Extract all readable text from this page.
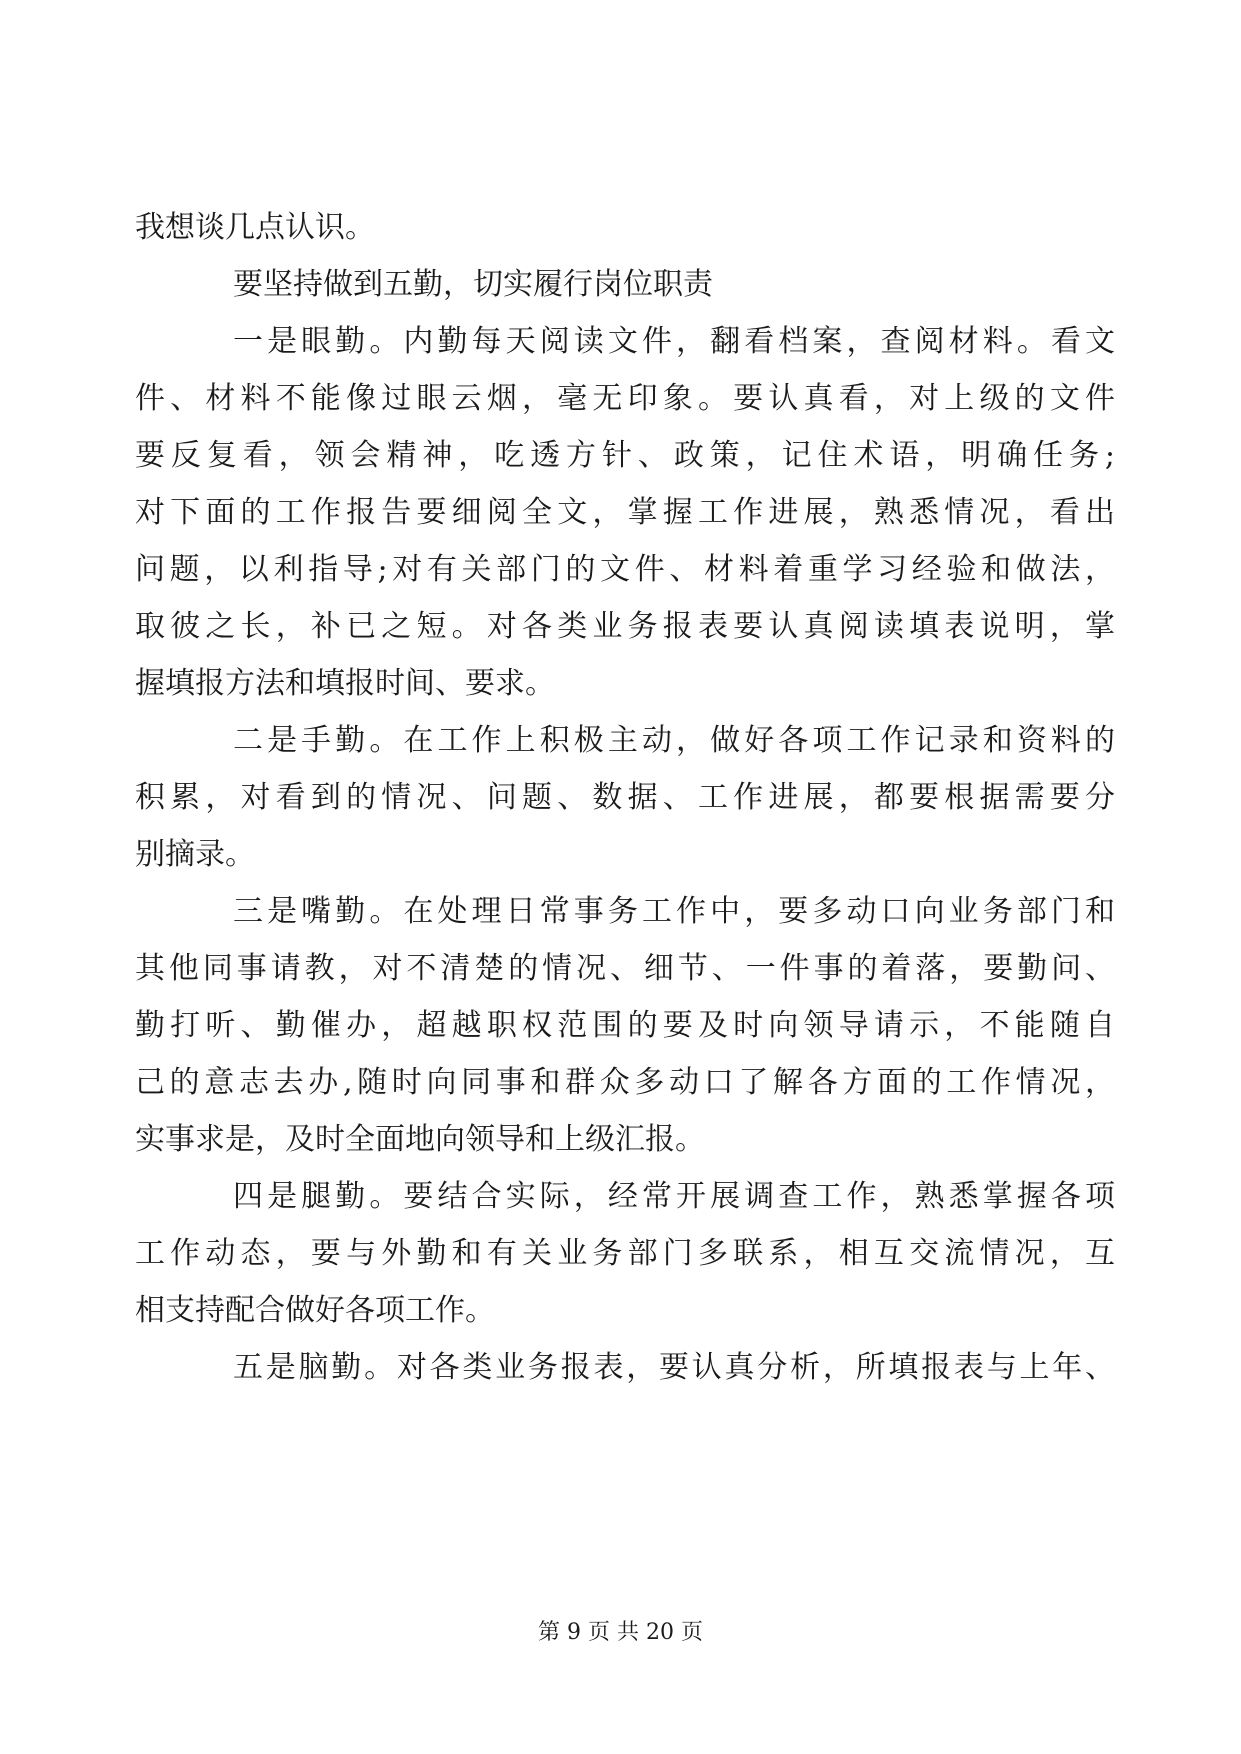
我想谈几点认识。
要坚持做到五勤，切实履行岗位职责
一是眼勤。内勤每天阅读文件，翻看档案，查阅材料。看文
件、材料不能像过眼云烟，毫无印象。要认真看，对上级的文件
要反复看，领会精神，吃透方针、政策，记住术语，明确任务;
对下面的工作报告要细阅全文，掌握工作进展，熟悉情况，看出
问题，以利指导;对有关部门的文件、材料着重学习经验和做法，
取彼之长，补已之短。对各类业务报表要认真阅读填表说明，掌
握填报方法和填报时间、要求。
二是手勤。在工作上积极主动，做好各项工作记录和资料的
积累，对看到的情况、问题、数据、工作进展，都要根据需要分
别摘录。
三是嘴勤。在处理日常事务工作中，要多动口向业务部门和
其他同事请教，对不清楚的情况、细节、一件事的着落，要勤问、
勤打听、勤催办，超越职权范围的要及时向领导请示，不能随自
己的意志去办,随时向同事和群众多动口了解各方面的工作情况，
实事求是，及时全面地向领导和上级汇报。
四是腿勤。要结合实际，经常开展调查工作，熟悉掌握各项
工作动态，要与外勤和有关业务部门多联系，相互交流情况，互
相支持配合做好各项工作。
五是脑勤。对各类业务报表，要认真分析，所填报表与上年、
第 9 页 共 20 页
